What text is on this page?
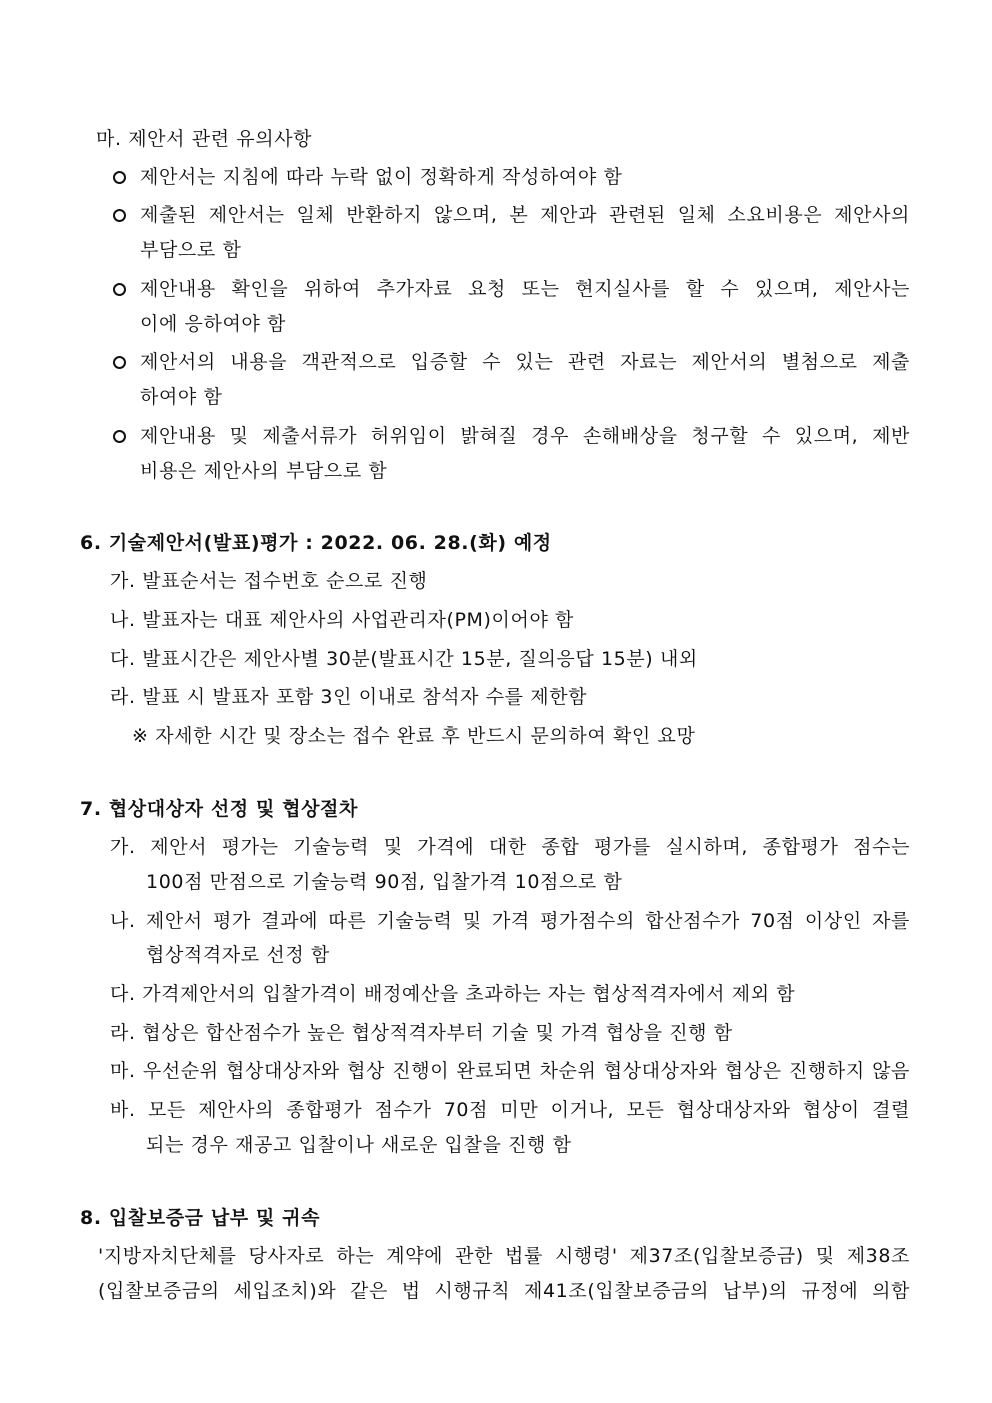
마. 제안서 관련 유의사항
제안서는 지침에 따라 누락 없이 정확하게 작성하여야 함
제출된 제안서는 일체 반환하지 않으며, 본 제안과 관련된 일체 소요비용은 제안사의
부담으로 함
제안내용 확인을 위하여 추가자료 요청 또는 현지실사를 할 수 있으며, 제안사는
이에 응하여야 함
제안서의 내용을 객관적으로 입증할 수 있는 관련 자료는 제안서의 별첨으로 제출
하여야 함
제안내용 및 제출서류가 허위임이 밝혀질 경우 손해배상을 청구할 수 있으며, 제반
비용은 제안사의 부담으로 함
6. 기술제안서(발표)평가 : 2022. 06. 28.(화) 예정
가. 발표순서는 접수번호 순으로 진행
나. 발표자는 대표 제안사의 사업관리자(PM)이어야 함
다. 발표시간은 제안사별 30분(발표시간 15분, 질의응답 15분) 내외
라. 발표 시 발표자 포함 3인 이내로 참석자 수를 제한함
※ 자세한 시간 및 장소는 접수 완료 후 반드시 문의하여 확인 요망
7. 협상대상자 선정 및 협상절차
가. 제안서 평가는 기술능력 및 가격에 대한 종합 평가를 실시하며, 종합평가 점수는
100점 만점으로 기술능력 90점, 입찰가격 10점으로 함
나. 제안서 평가 결과에 따른 기술능력 및 가격 평가점수의 합산점수가 70점 이상인 자를
협상적격자로 선정 함
다. 가격제안서의 입찰가격이 배정예산을 초과하는 자는 협상적격자에서 제외 함
라. 협상은 합산점수가 높은 협상적격자부터 기술 및 가격 협상을 진행 함
마. 우선순위 협상대상자와 협상 진행이 완료되면 차순위 협상대상자와 협상은 진행하지 않음
바. 모든 제안사의 종합평가 점수가 70점 미만 이거나, 모든 협상대상자와 협상이 결렬
되는 경우 재공고 입찰이나 새로운 입찰을 진행 함
8. 입찰보증금 납부 및 귀속
'지방자치단체를 당사자로 하는 계약에 관한 법률 시행령' 제37조(입찰보증금) 및 제38조
(입찰보증금의 세입조치)와 같은 법 시행규칙 제41조(입찰보증금의 납부)의 규정에 의함
